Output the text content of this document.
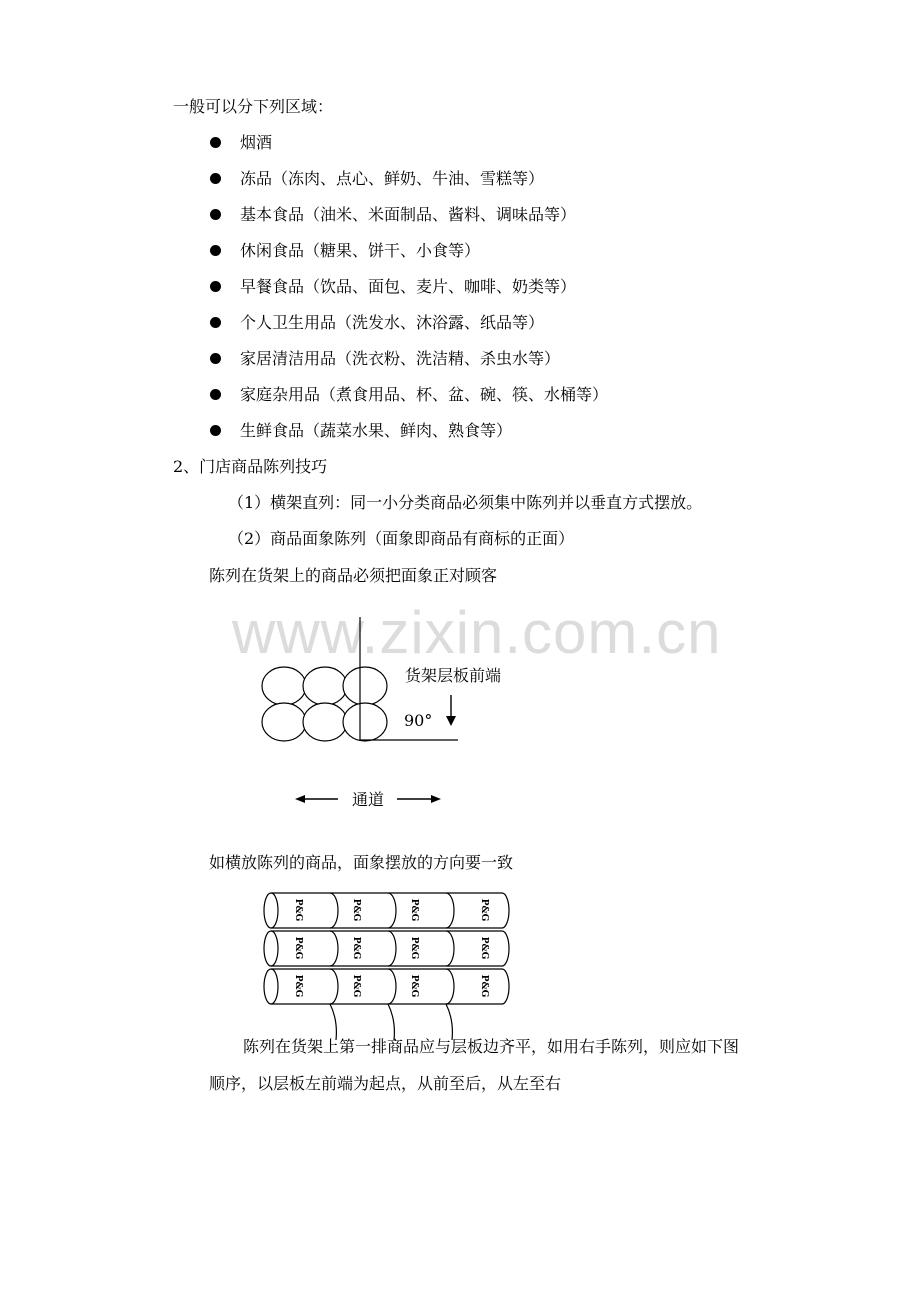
www.zixin.com.cn
一般可以分下列区域：
烟酒
冻品（冻肉、点心、鲜奶、牛油、雪糕等）
基本食品（油米、米面制品、酱料、调味品等）
休闲食品（糖果、饼干、小食等）
早餐食品（饮品、面包、麦片、咖啡、奶类等）
个人卫生用品（洗发水、沐浴露、纸品等）
家居清洁用品（洗衣粉、洗洁精、杀虫水等）
家庭杂用品（煮食用品、杯、盆、碗、筷、水桶等）
生鲜食品（蔬菜水果、鲜肉、熟食等）
2、门店商品陈列技巧
（1）横架直列：同一小分类商品必须集中陈列并以垂直方式摆放。
（2）商品面象陈列（面象即商品有商标的正面）
陈列在货架上的商品必须把面象正对顾客
货架层板前端
90°
通道
如横放陈列的商品，面象摆放的方向要一致
P&G	P&G	P&G	P&G
P&G	P&G	P&G	P&G
P&G	P&G	P&G	P&G
陈列在货架上第一排商品应与层板边齐平，如用右手陈列，则应如下图
顺序，以层板左前端为起点，从前至后，从左至右
